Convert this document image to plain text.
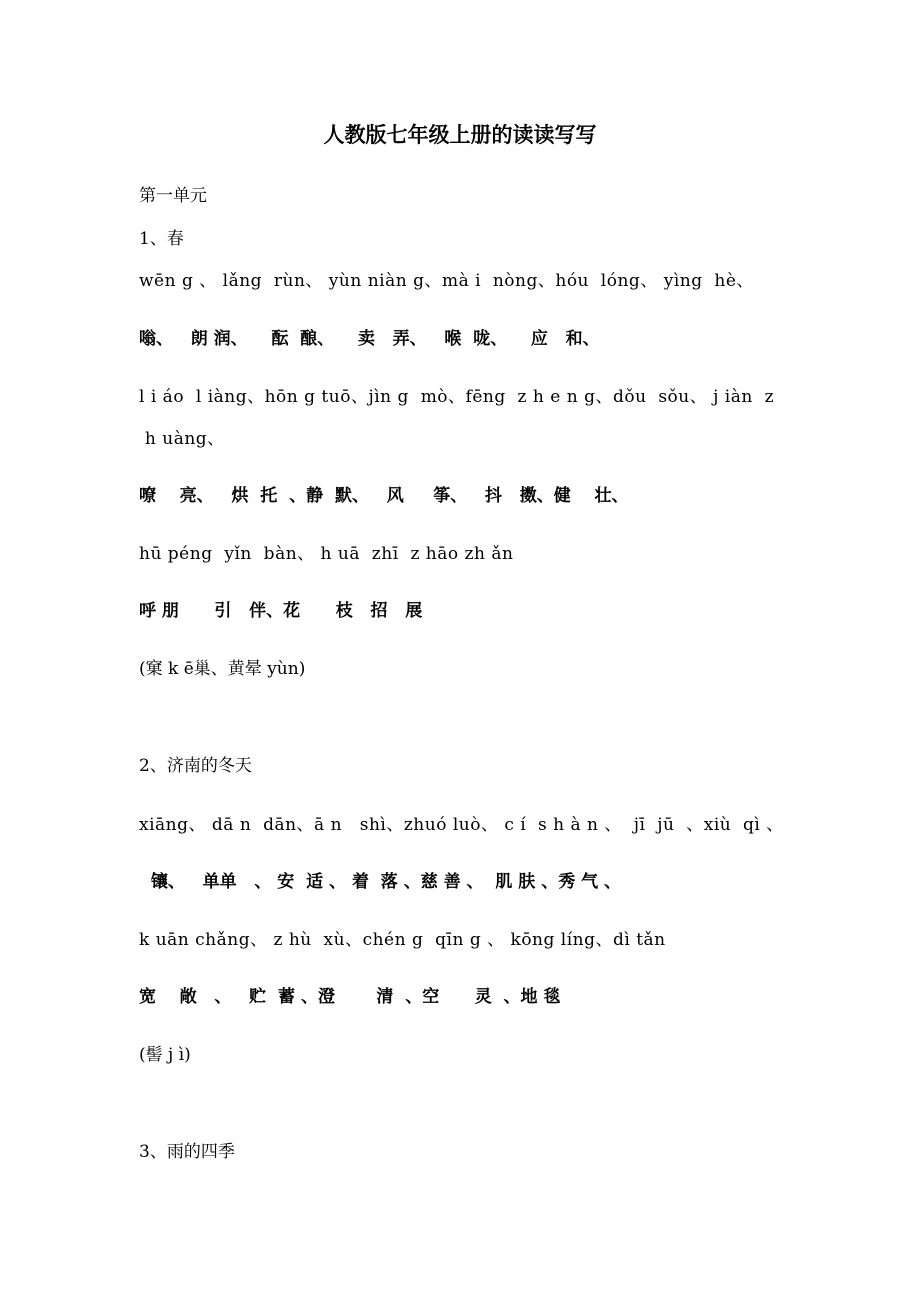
人教版七年级上册的读读写写
第一单元
1、春
wēn g 、 lǎng  rùn、 yùn niàn g、mà i  nòng、hóu  lóng、 yìng  hè、
嗡、   朗 润、    酝  酿、    卖   弄、   喉  咙、    应   和、
l i áo  l iàng、hōn g tuō、jìn g  mò、fēng  z h e n g、dǒu  sǒu、 j iàn  z
h uàng、
嘹    亮、   烘  托  、静  默、   风     筝、   抖   擞、健    壮、
hū péng  yǐn  bàn、 h uā  zhī  z hāo zh ǎn
呼 朋      引   伴、花      枝   招   展
(窠 k ē巢、黄晕 yùn)
2、济南的冬天
xiāng、 dā n  dān、ā n   shì、zhuó luò、 c í  s h à n 、  jī  jū  、xiù  qì 、
镶、   单单   、 安  适 、 着  落 、慈 善 、  肌 肤 、秀 气 、
k uān chǎng、 z hù  xù、chén g  qīn g 、 kōng líng、dì tǎn
宽    敞   、   贮  蓄 、澄       清  、空      灵  、地 毯
(髻 j ì)
3、雨的四季
